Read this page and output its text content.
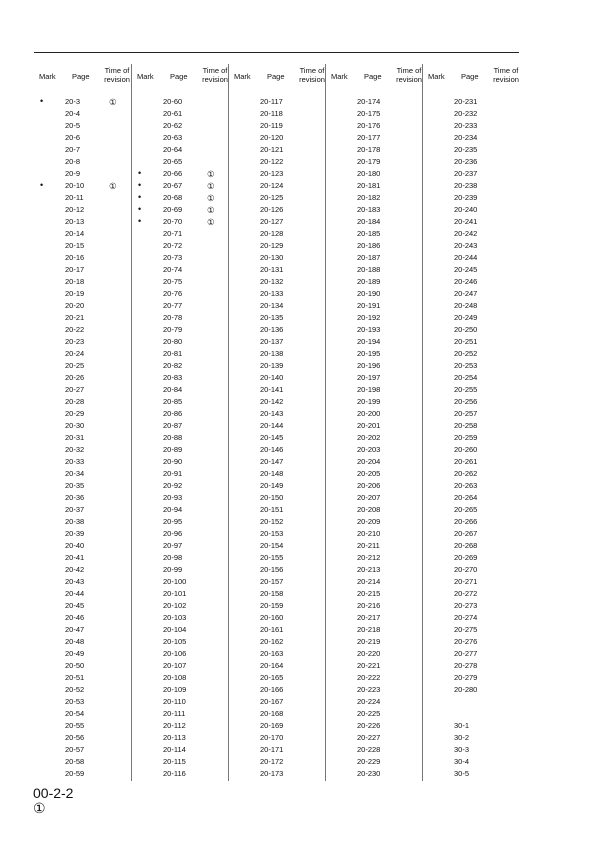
Mark Page
Time of
revision
•	20-3	①
20-4
20-5
20-6
20-7
20-8
20-9
•	20-10	①
20-11
20-12
20-13
20-14
20-15
20-16
20-17
20-18
20-19
20-20
20-21
20-22
20-23
20-24
20-25
20-26
20-27
20-28
20-29
20-30
20-31
20-32
20-33
20-34
20-35
20-36
20-37
20-38
20-39
20-40
20-41
20-42
20-43
20-44
20-45
20-46
20-47
20-48
20-49
20-50
20-51
20-52
20-53
20-54
20-55
20-56
20-57
20-58
20-59
Mark Page
Time of
revision
20-60
20-61
20-62
20-63
20-64
20-65
•	20-66	①
•	20-67	①
•	20-68	①
•	20-69	①
•	20-70	①
20-71
20-72
20-73
20-74
20-75
20-76
20-77
20-78
20-79
20-80
20-81
20-82
20-83
20-84
20-85
20-86
20-87
20-88
20-89
20-90
20-91
20-92
20-93
20-94
20-95
20-96
20-97
20-98
20-99
20-100
20-101
20-102
20-103
20-104
20-105
20-106
20-107
20-108
20-109
20-110
20-111
20-112
20-113
20-114
20-115
20-116
Mark Page
Time of
revision
20-117
20-118
20-119
20-120
20-121
20-122
20-123
20-124
20-125
20-126
20-127
20-128
20-129
20-130
20-131
20-132
20-133
20-134
20-135
20-136
20-137
20-138
20-139
20-140
20-141
20-142
20-143
20-144
20-145
20-146
20-147
20-148
20-149
20-150
20-151
20-152
20-153
20-154
20-155
20-156
20-157
20-158
20-159
20-160
20-161
20-162
20-163
20-164
20-165
20-166
20-167
20-168
20-169
20-170
20-171
20-172
20-173
Mark Page
Time of
revision
20-174
20-175
20-176
20-177
20-178
20-179
20-180
20-181
20-182
20-183
20-184
20-185
20-186
20-187
20-188
20-189
20-190
20-191
20-192
20-193
20-194
20-195
20-196
20-197
20-198
20-199
20-200
20-201
20-202
20-203
20-204
20-205
20-206
20-207
20-208
20-209
20-210
20-211
20-212
20-213
20-214
20-215
20-216
20-217
20-218
20-219
20-220
20-221
20-222
20-223
20-224
20-225
20-226
20-227
20-228
20-229
20-230
Mark Page
Time of
revision
20-231
20-232
20-233
20-234
20-235
20-236
20-237
20-238
20-239
20-240
20-241
20-242
20-243
20-244
20-245
20-246
20-247
20-248
20-249
20-250
20-251
20-252
20-253
20-254
20-255
20-256
20-257
20-258
20-259
20-260
20-261
20-262
20-263
20-264
20-265
20-266
20-267
20-268
20-269
20-270
20-271
20-272
20-273
20-274
20-275
20-276
20-277
20-278
20-279
20-280
30-1
30-2
30-3
30-4
30-5
00-2-2
①
